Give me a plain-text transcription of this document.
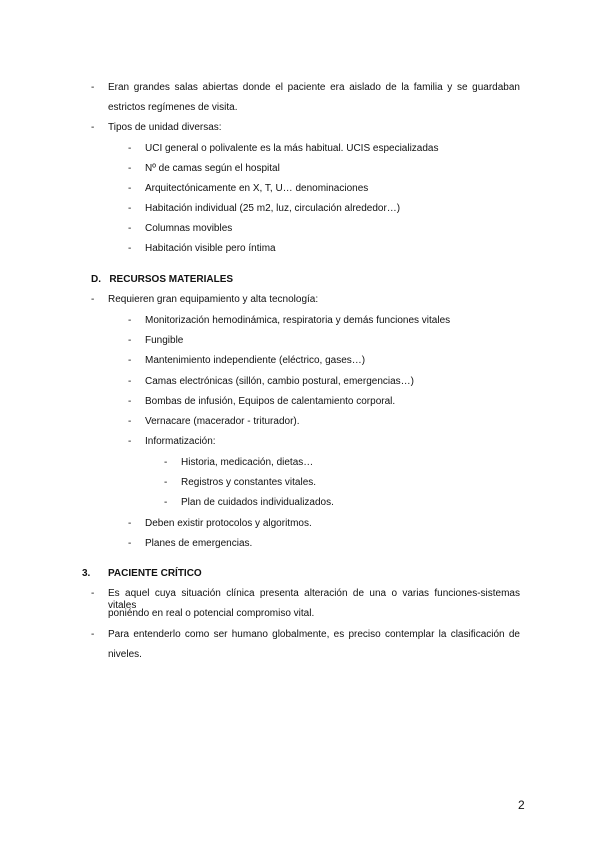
- Eran grandes salas abiertas donde el paciente era aislado de la familia y se guardaban
estrictos regímenes de visita.
- Tipos de unidad diversas:
- UCI general o polivalente es la más habitual. UCIS especializadas
- Nº de camas según el hospital
- Arquitectónicamente en X, T, U… denominaciones
- Habitación individual (25 m2, luz, circulación alrededor…)
- Columnas movibles
- Habitación visible pero íntima
D.   RECURSOS MATERIALES
- Requieren gran equipamiento y alta tecnología:
- Monitorización hemodinámica, respiratoria y demás funciones vitales
- Fungible
- Mantenimiento independiente (eléctrico, gases…)
- Camas electrónicas (sillón, cambio postural, emergencias…)
- Bombas de infusión, Equipos de calentamiento corporal.
- Vernacare (macerador - triturador).
- Informatización:
- Historia, medicación, dietas…
- Registros y constantes vitales.
- Plan de cuidados individualizados.
- Deben existir protocolos y algoritmos.
- Planes de emergencias.
3. PACIENTE CRÍTICO
- Es aquel cuya situación clínica presenta alteración de una o varias funciones-sistemas vitales
poniéndo en real o potencial compromiso vital.
- Para entenderlo como ser humano globalmente, es preciso contemplar la clasificación de
niveles.
2
